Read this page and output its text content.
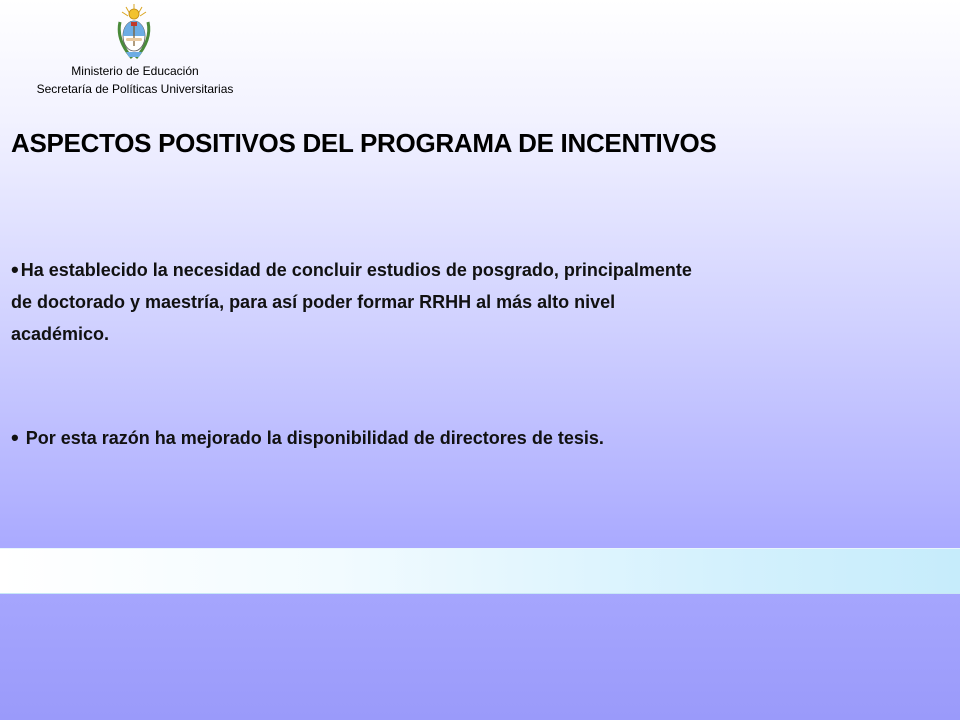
Ministerio de Educación
Secretaría de Políticas Universitarias
ASPECTOS POSITIVOS DEL PROGRAMA DE INCENTIVOS

• Ha establecido la necesidad de concluir estudios de posgrado, principalmente
de doctorado y maestría, para así poder formar RRHH al más alto nivel
académico.

• Por esta razón ha mejorado la disponibilidad de directores de tesis.
